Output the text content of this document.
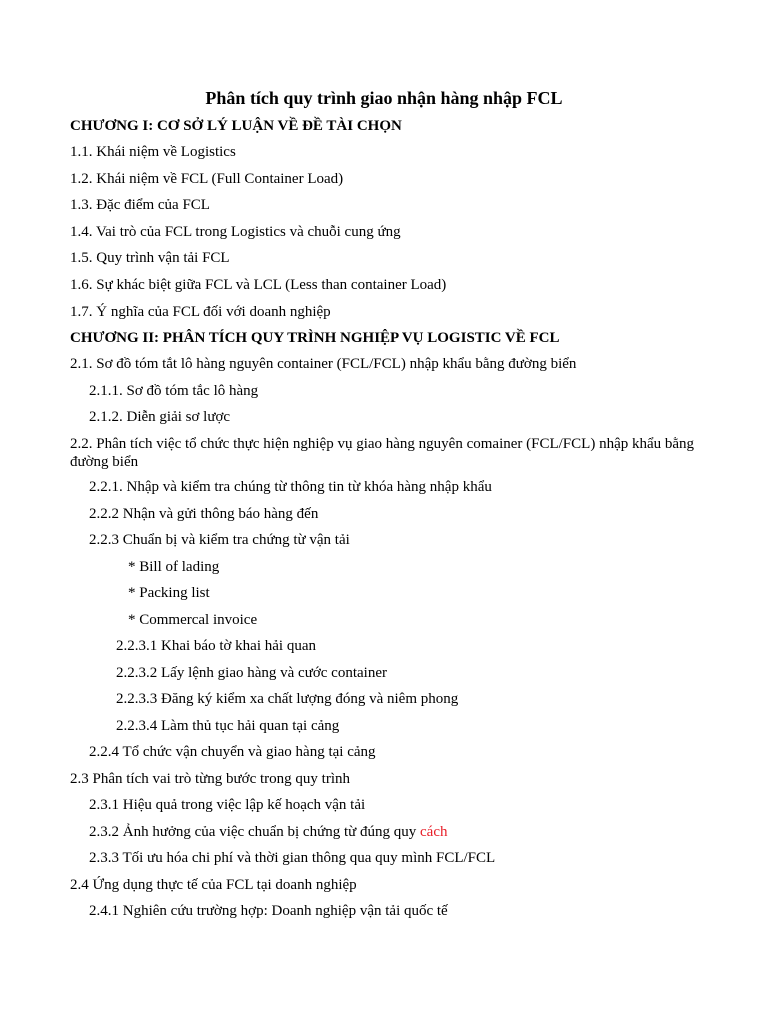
Phân tích quy trình giao nhận hàng nhập FCL
CHƯƠNG I: CƠ SỞ LÝ LUẬN VỀ ĐỀ TÀI CHỌN
1.1. Khái niệm về Logistics
1.2. Khái niệm về FCL (Full Container Load)
1.3. Đặc điểm của FCL
1.4. Vai trò của FCL trong Logistics và chuỗi cung ứng
1.5. Quy trình vận tải FCL
1.6. Sự khác biệt giữa FCL và LCL (Less than container Load)
1.7. Ý nghĩa của FCL đối với doanh nghiệp
CHƯƠNG II: PHÂN TÍCH QUY TRÌNH NGHIỆP VỤ LOGISTIC VỀ FCL
2.1. Sơ đồ tóm tắt lô hàng nguyên container (FCL/FCL) nhập khẩu bằng đường biển
2.1.1. Sơ đồ tóm tắc lô hàng
2.1.2. Diễn giải sơ lược
2.2. Phân tích việc tổ chức thực hiện nghiệp vụ giao hàng nguyên comainer (FCL/FCL) nhập khẩu bằng đường biển
2.2.1. Nhập và kiểm tra chúng từ thông tin từ khóa hàng nhập khẩu
2.2.2 Nhận và gửi thông báo hàng đến
2.2.3 Chuẩn bị và kiểm tra chứng từ vận tải
* Bill of lading
* Packing list
* Commercal invoice
2.2.3.1 Khai báo tờ khai hải quan
2.2.3.2 Lấy lệnh giao hàng và cước container
2.2.3.3 Đăng ký kiểm xa chất lượng đóng và niêm phong
2.2.3.4 Làm thủ tục hải quan tại cảng
2.2.4 Tổ chức vận chuyển và giao hàng tại cảng
2.3 Phân tích vai trò từng bước trong quy trình
2.3.1 Hiệu quả trong việc lập kế hoạch vận tải
2.3.2 Ảnh hưởng của việc chuẩn bị chứng từ đúng quy cách
2.3.3 Tối ưu hóa chi phí và thời gian thông qua quy mình FCL/FCL
2.4 Ứng dụng thực tế của FCL tại doanh nghiệp
2.4.1 Nghiên cứu trường hợp: Doanh nghiệp vận tải quốc tế
